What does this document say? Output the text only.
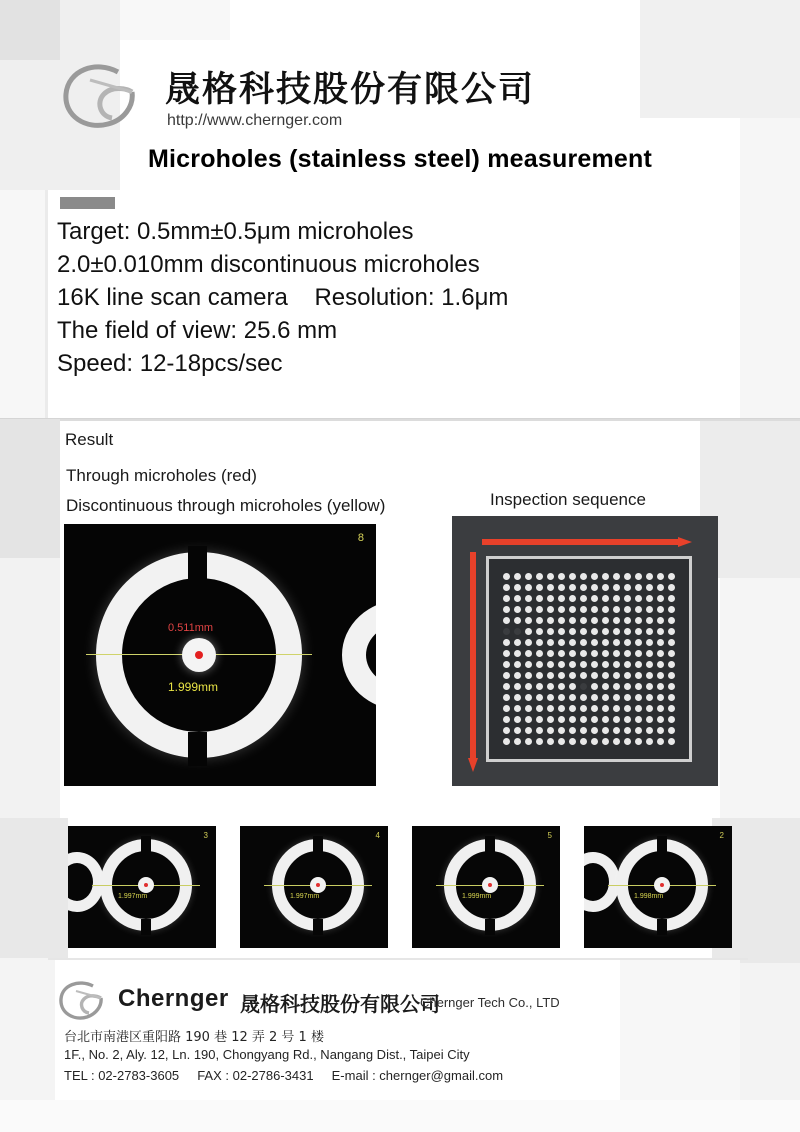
晟格科技股份有限公司
http://www.chernger.com
Microholes (stainless steel) measurement
Target: 0.5mm±0.5μm microholes
2.0±0.010mm discontinuous microholes
16K line scan camera    Resolution: 1.6μm
The field of view: 25.6 mm
Speed: 12-18pcs/sec
Result
Through microholes (red)
Discontinuous through microholes (yellow)	Inspection sequence
0.511mm
1.999mm
8
1.997mm
3
1.997mm
4
1.999mm
5
1.998mm
2
Chernger 晟格科技股份有限公司
Chernger Tech Co., LTD
台北市南港区重阳路 190 巷 12 弄 2 号 1 楼
1F., No. 2, Aly. 12, Ln. 190, Chongyang Rd., Nangang Dist., Taipei City
TEL : 02-2783-3605     FAX : 02-2786-3431     E-mail : chernger@gmail.com
